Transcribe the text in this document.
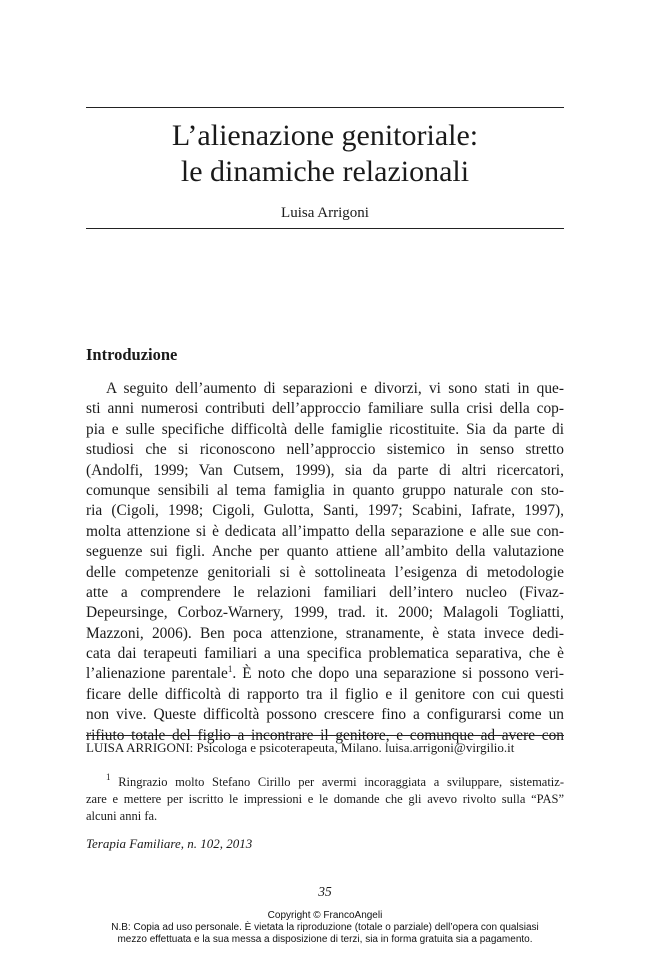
L’alienazione genitoriale:
le dinamiche relazionali
Luisa Arrigoni
Introduzione
A seguito dell’aumento di separazioni e divorzi, vi sono stati in que-
sti anni numerosi contributi dell’approccio familiare sulla crisi della cop-
pia e sulle specifiche difficoltà delle famiglie ricostituite. Sia da parte di
studiosi che si riconoscono nell’approccio sistemico in senso stretto
(Andolfi, 1999; Van Cutsem, 1999), sia da parte di altri ricercatori,
comunque sensibili al tema famiglia in quanto gruppo naturale con sto-
ria (Cigoli, 1998; Cigoli, Gulotta, Santi, 1997; Scabini, Iafrate, 1997),
molta attenzione si è dedicata all’impatto della separazione e alle sue con-
seguenze sui figli. Anche per quanto attiene all’ambito della valutazione
delle competenze genitoriali si è sottolineata l’esigenza di metodologie
atte a comprendere le relazioni familiari dell’intero nucleo (Fivaz-
Depeursinge, Corboz-Warnery, 1999, trad. it. 2000; Malagoli Togliatti,
Mazzoni, 2006). Ben poca attenzione, stranamente, è stata invece dedi-
cata dai terapeuti familiari a una specifica problematica separativa, che è
l’alienazione parentale$^1$. È noto che dopo una separazione si possono veri-
ficare delle difficoltà di rapporto tra il figlio e il genitore con cui questi
non vive. Queste difficoltà possono crescere fino a configurarsi come un
rifiuto totale del figlio a incontrare il genitore, e comunque ad avere con
LUISA ARRIGONI: Psicologa e psicoterapeuta, Milano. luisa.arrigoni@virgilio.it
$^1$ Ringrazio molto Stefano Cirillo per avermi incoraggiata a sviluppare, sistematiz-
zare e mettere per iscritto le impressioni e le domande che gli avevo rivolto sulla “PAS”
alcuni anni fa.
Terapia Familiare, n. 102, 2013
35
Copyright © FrancoAngeli
N.B: Copia ad uso personale. È vietata la riproduzione (totale o parziale) dell’opera con qualsiasi
mezzo effettuata e la sua messa a disposizione di terzi, sia in forma gratuita sia a pagamento.
